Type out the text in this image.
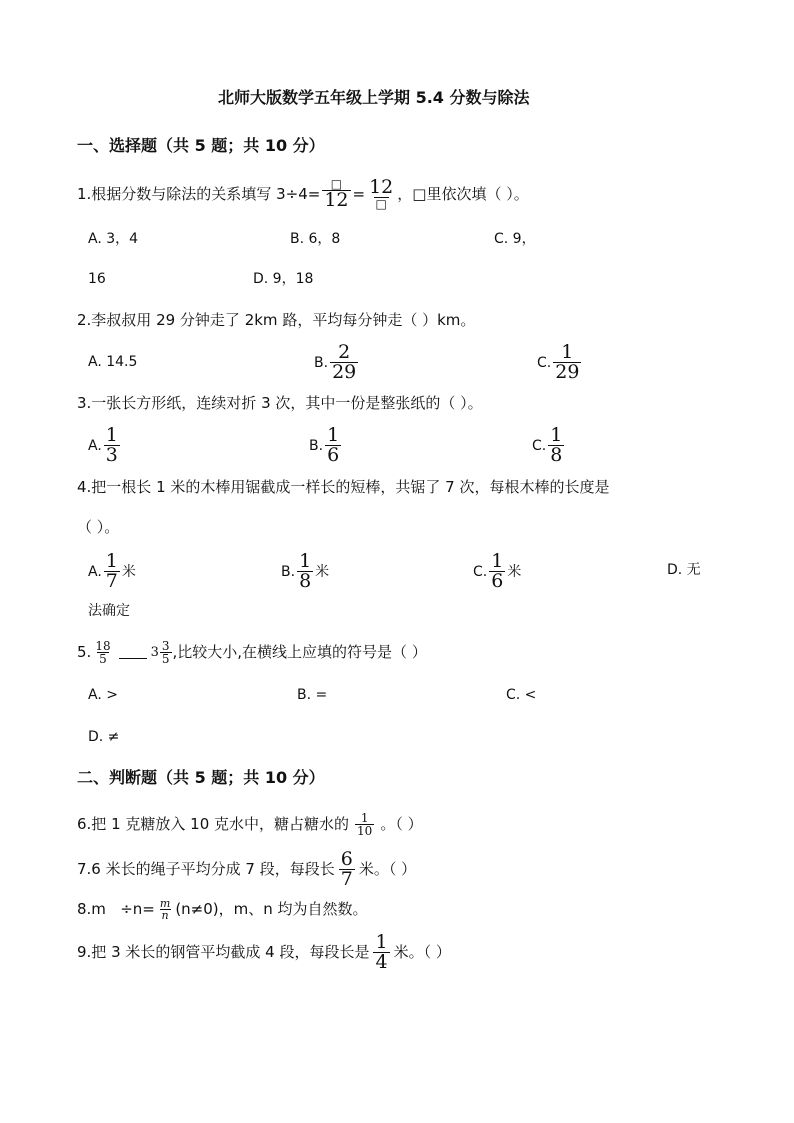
北师大版数学五年级上学期 5.4 分数与除法
一、选择题（共 5 题；共 10 分）
1.根据分数与除法的关系填写 $3\div 4= \frac{□}{12} = \frac{12}{□}$ ，□里依次填（ ）。
A. 3，4	B. 6，8	C. 9，
16	D. 9，18
2.李叔叔用 29 分钟走了 2km 路，平均每分钟走（ ）km。
A. 14.5	B. $\frac{2}{29}$	C. $\frac{1}{29}$
3.一张长方形纸，连续对折 3 次，其中一份是整张纸的（ ）。
A. $\frac{1}{3}$	B. $\frac{1}{6}$	C. $\frac{1}{8}$
4.把一根长 1 米的木棒用锯截成一样长的短棒，共锯了 7 次，每根木棒的长度是
（ ）。
A. $\frac{1}{7}$ 米	B. $\frac{1}{8}$ 米	C. $\frac{1}{6}$ 米	D. 无
法确定
5. $\frac{18}{5}$	$3 \frac{3}{5}$ ,比较大小,在横线上应填的符号是（ ）
A. >	B. =	C. <
D. ≠
二、判断题（共 5 题；共 10 分）
6.把 1 克糖放入 10 克水中，糖占糖水的 $\frac{1}{10}$ 。（ ）
7.6 米长的绳子平均分成 7 段，每段长 $\frac{6}{7}$ 米。（ ）
$8.m \div n= \frac{m}{n} (n\ne 0)$，m、n 均为自然数。
9.把 3 米长的钢管平均截成 4 段，每段长是 $\frac{1}{4}$ 米。（ ）
